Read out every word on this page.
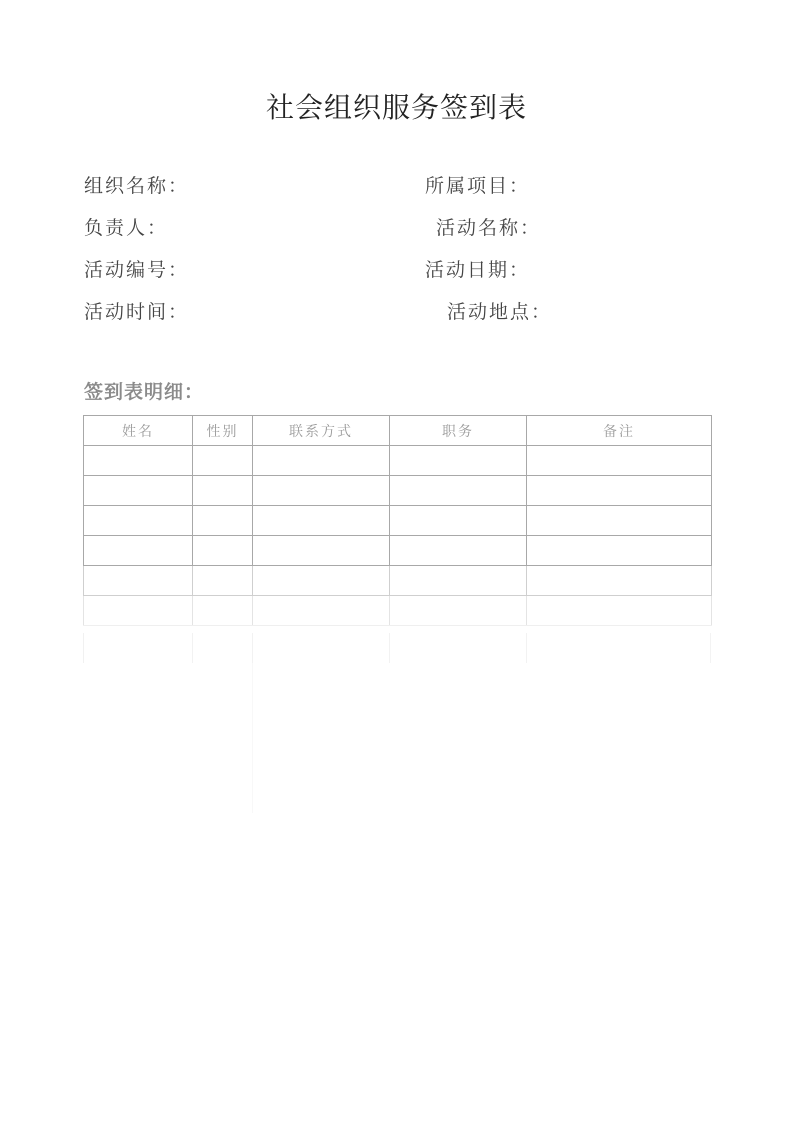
社会组织服务签到表
组织名称：	所属项目：
负责人：	活动名称：
活动编号：	活动日期：
活动时间：	活动地点：
签到表明细：
姓名	性别	联系方式	职务	备注
